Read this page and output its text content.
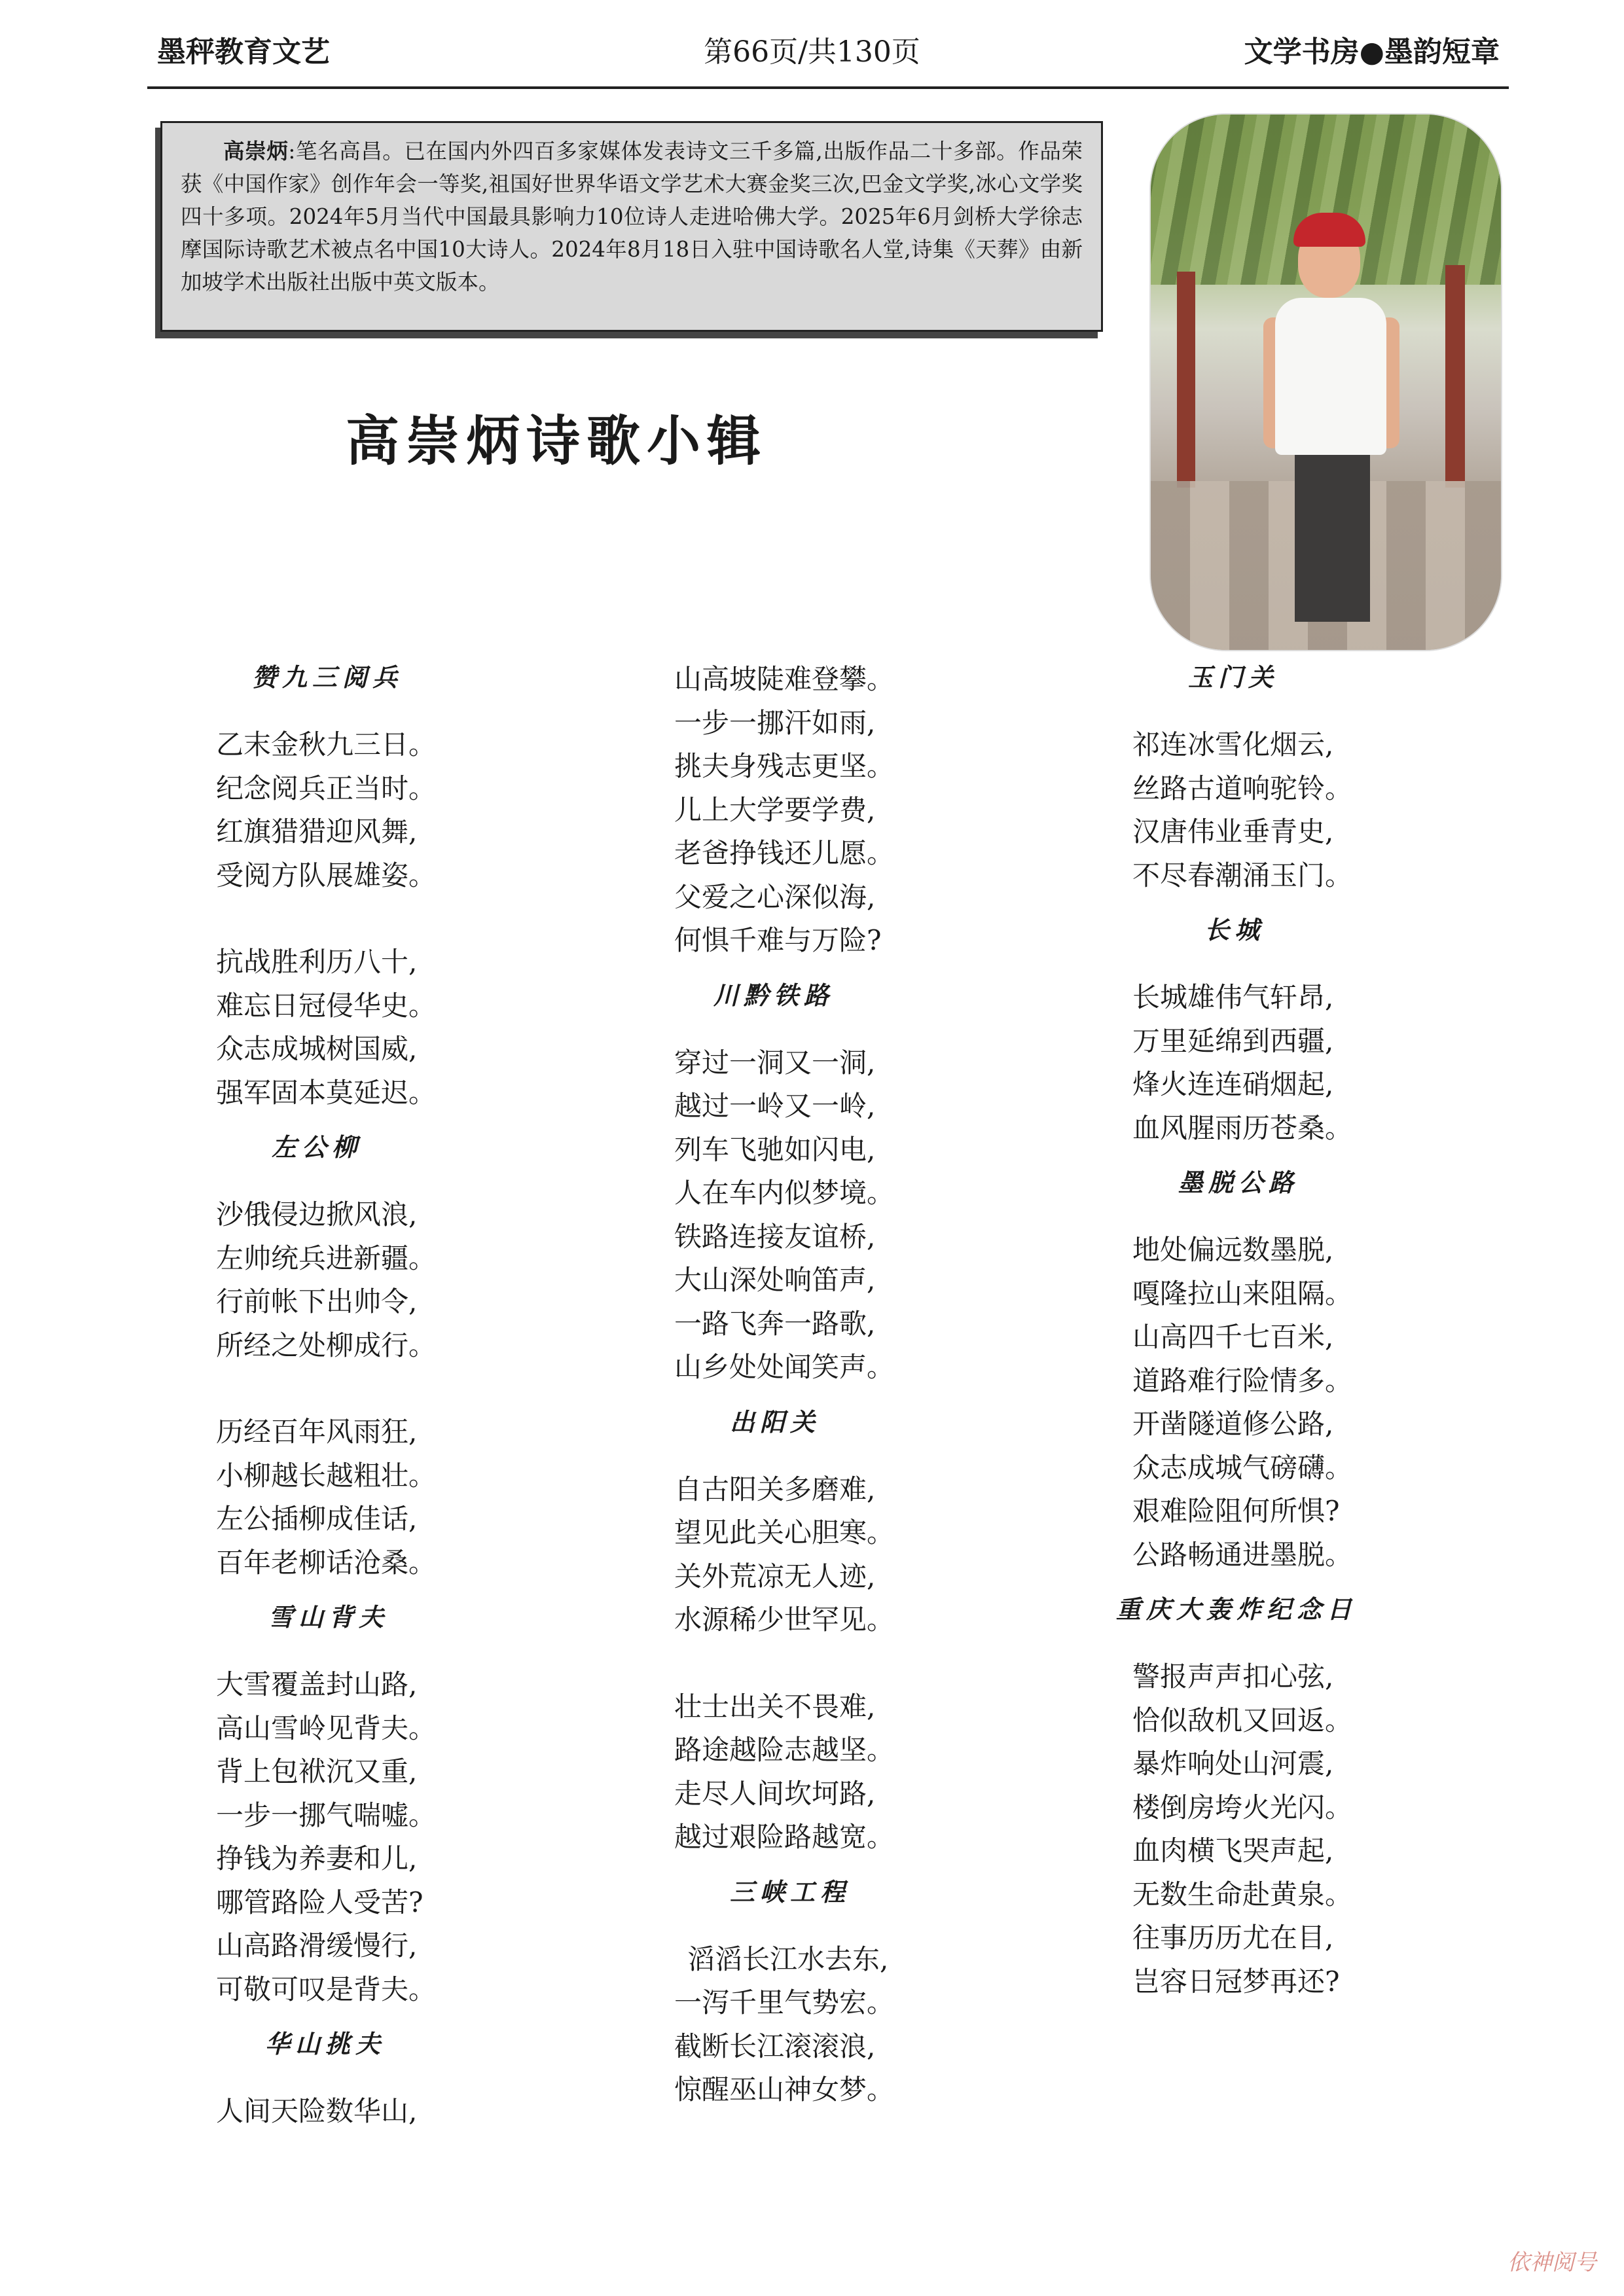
墨秤教育文艺	第66页/共130页	文学书房●墨韵短章
高崇炳:笔名高昌。已在国内外四百多家媒体发表诗文三千多篇,出版作品二十多部。作品荣获《中国作家》创作年会一等奖,祖国好世界华语文学艺术大赛金奖三次,巴金文学奖,冰心文学奖四十多项。2024年5月当代中国最具影响力10位诗人走进哈佛大学。2025年6月剑桥大学徐志摩国际诗歌艺术被点名中国10大诗人。2024年8月18日入驻中国诗歌名人堂,诗集《天葬》由新加坡学术出版社出版中英文版本。
高崇炳诗歌小辑
赞九三阅兵
乙末金秋九三日。
纪念阅兵正当时。
红旗猎猎迎风舞,
受阅方队展雄姿。
抗战胜利历八十,
难忘日冠侵华史。
众志成城树国威,
强军固本莫延迟。
左公柳
沙俄侵边掀风浪,
左帅统兵进新疆。
行前帐下出帅令,
所经之处柳成行。
历经百年风雨狂,
小柳越长越粗壮。
左公插柳成佳话,
百年老柳话沧桑。
雪山背夫
大雪覆盖封山路,
高山雪岭见背夫。
背上包袱沉又重,
一步一挪气喘嘘。
挣钱为养妻和儿,
哪管路险人受苦?
山高路滑缓慢行,
可敬可叹是背夫。
华山挑夫
人间天险数华山,
山高坡陡难登攀。
一步一挪汗如雨,
挑夫身残志更坚。
儿上大学要学费,
老爸挣钱还儿愿。
父爱之心深似海,
何惧千难与万险?
川黔铁路
穿过一洞又一洞,
越过一岭又一岭,
列车飞驰如闪电,
人在车内似梦境。
铁路连接友谊桥,
大山深处响笛声,
一路飞奔一路歌,
山乡处处闻笑声。
出阳关
自古阳关多磨难,
望见此关心胆寒。
关外荒凉无人迹,
水源稀少世罕见。
壮士出关不畏难,
路途越险志越坚。
走尽人间坎坷路,
越过艰险路越宽。
三峡工程
滔滔长江水去东,
一泻千里气势宏。
截断长江滚滚浪,
惊醒巫山神女梦。
玉门关
祁连冰雪化烟云,
丝路古道响驼铃。
汉唐伟业垂青史,
不尽春潮涌玉门。
长城
长城雄伟气轩昂,
万里延绵到西疆,
烽火连连硝烟起,
血风腥雨历苍桑。
墨脱公路
地处偏远数墨脱,
嘎隆拉山来阻隔。
山高四千七百米,
道路难行险情多。
开凿隧道修公路,
众志成城气磅礴。
艰难险阻何所惧?
公路畅通进墨脱。
重庆大轰炸纪念日
警报声声扣心弦,
恰似敌机又回返。
暴炸响处山河震,
楼倒房垮火光闪。
血肉横飞哭声起,
无数生命赴黄泉。
往事历历尤在目,
岂容日冠梦再还?
依神阅号
